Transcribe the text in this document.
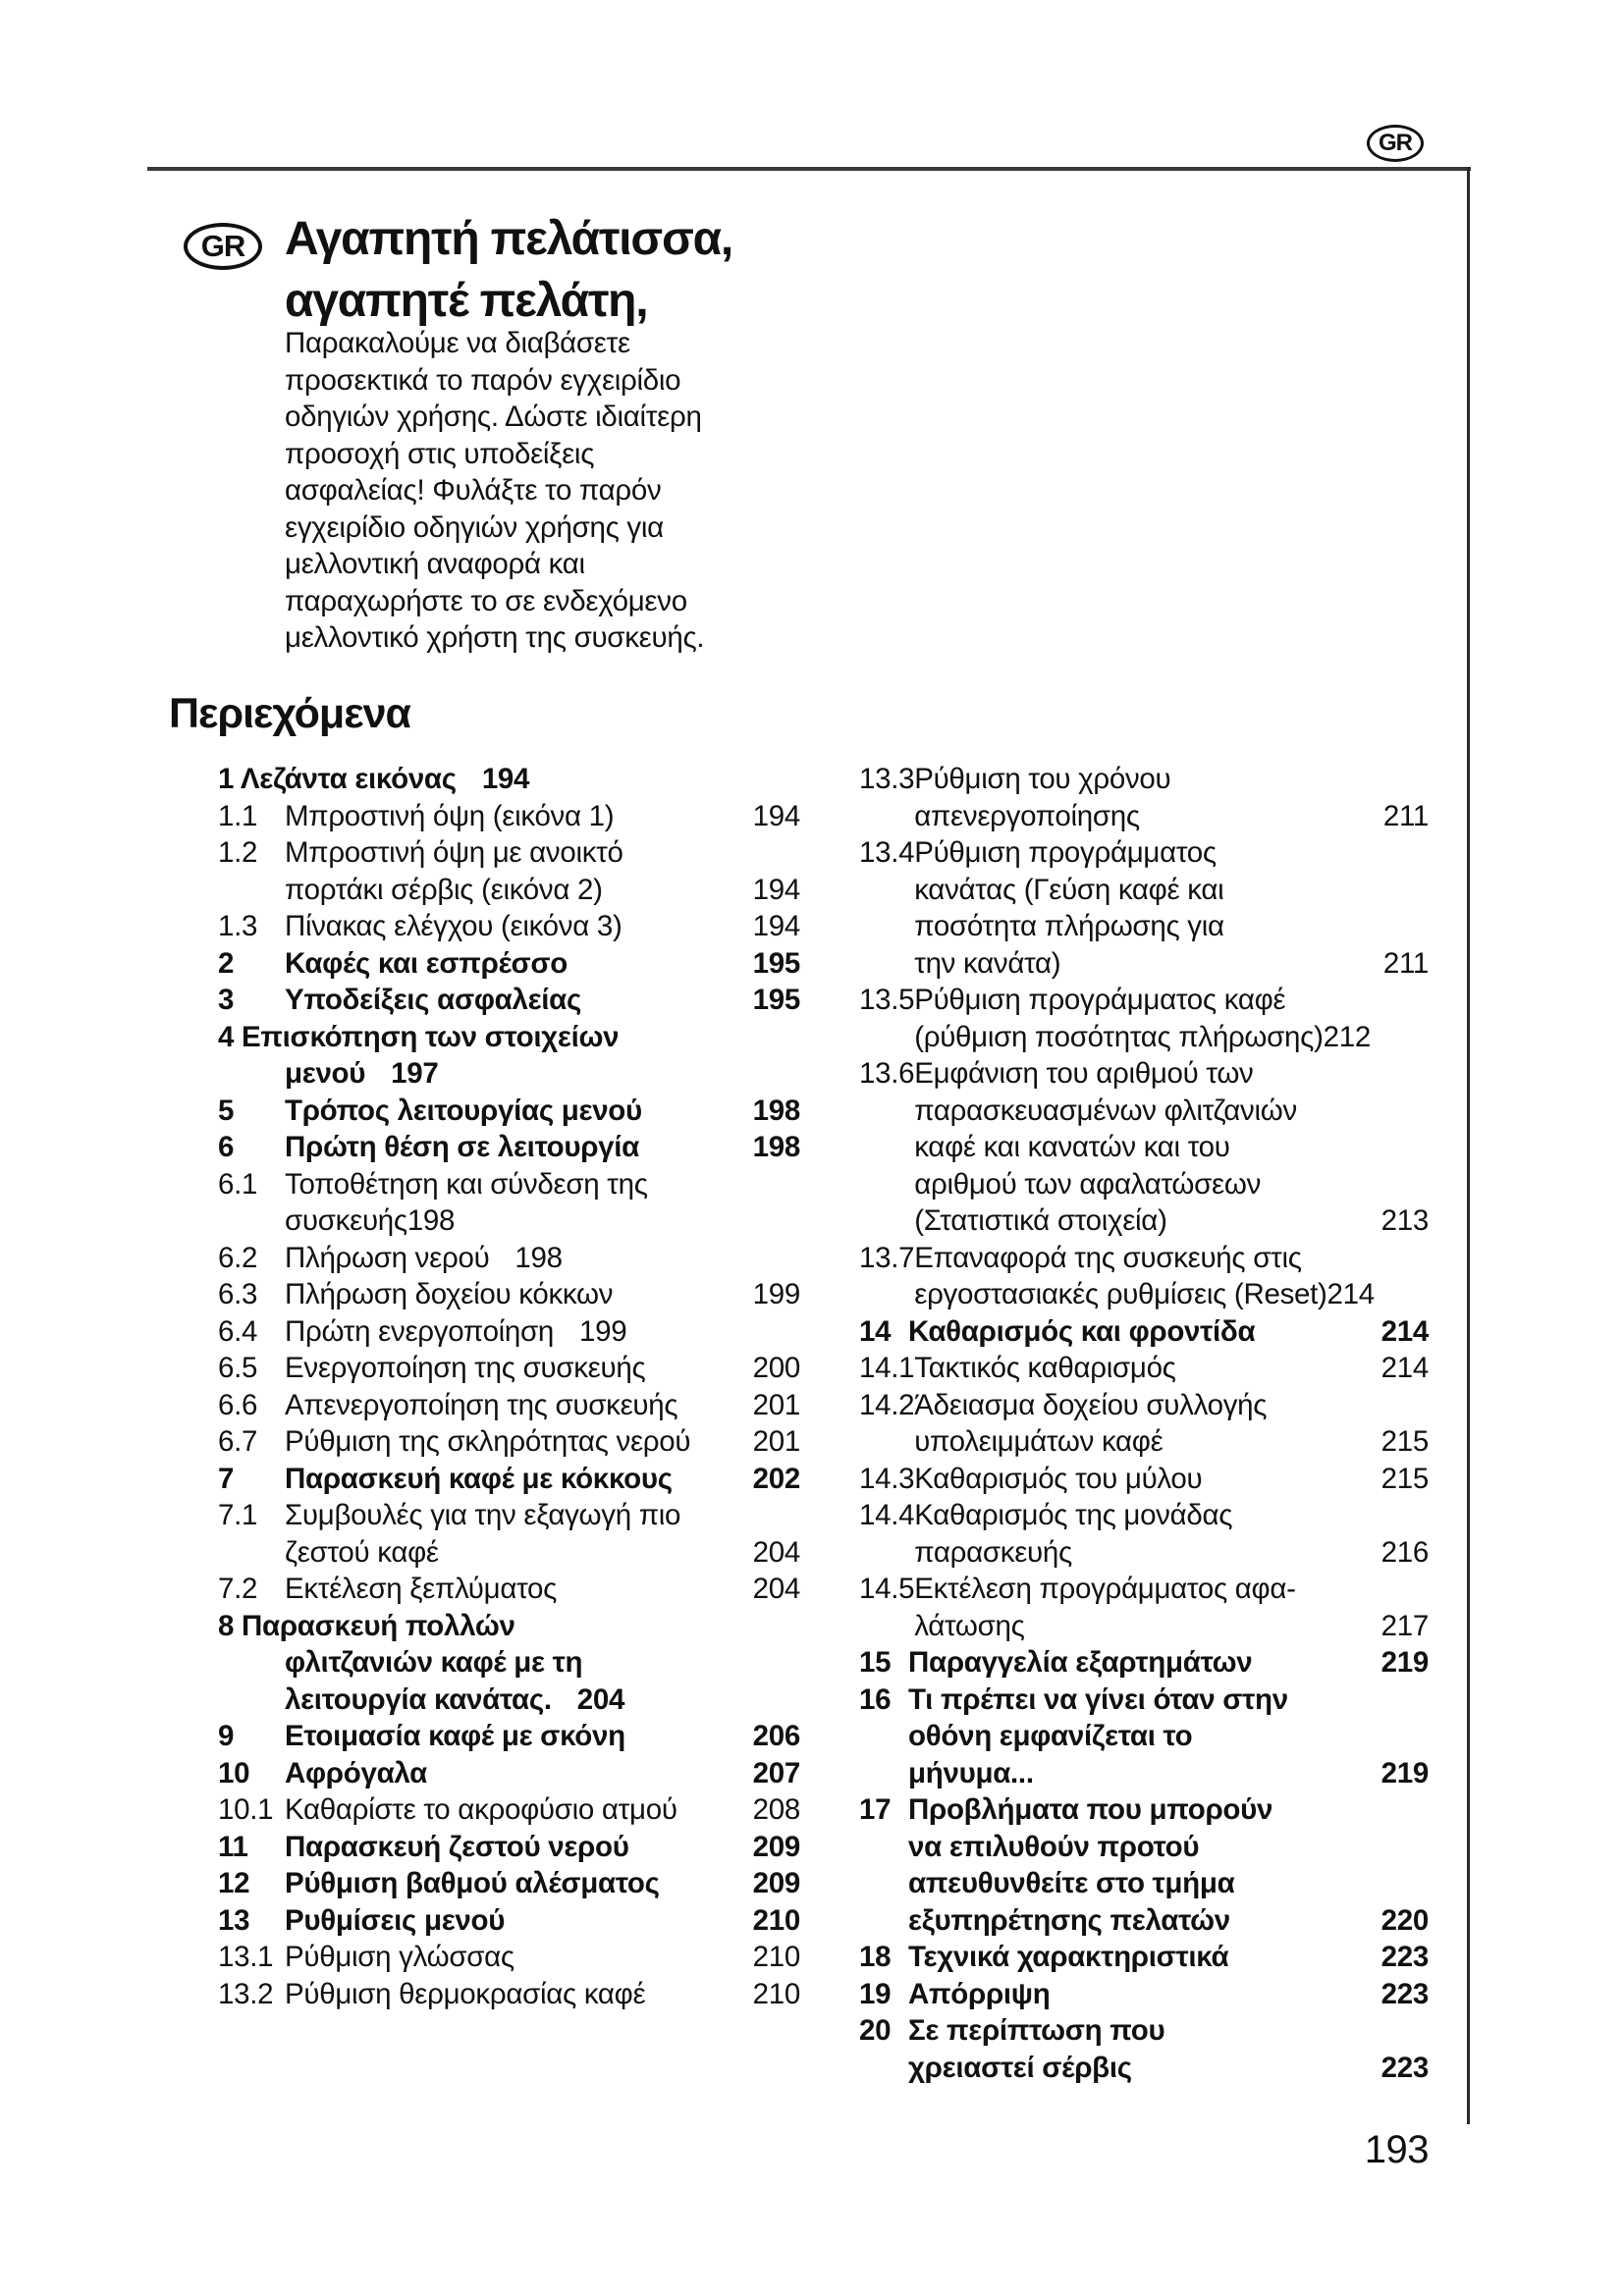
GR
GR Αγαπητή πελάτισσα,
αγαπητέ πελάτη,
Παρακαλούμε να διαβάσετε
προσεκτικά το παρόν εγχειρίδιο
οδηγιών χρήσης. Δώστε ιδιαίτερη
προσοχή στις υποδείξεις
ασφαλείας! Φυλάξτε το παρόν
εγχειρίδιο οδηγιών χρήσης για
μελλοντική αναφορά και
παραχωρήστε το σε ενδεχόμενο
μελλοντικό χρήστη της συσκευής.
Περιεχόμενα
1 Λεζάντα εικόνας 194
1.1 Μπροστινή όψη (εικόνα 1)	194
1.2 Μπροστινή όψη με ανοικτό
πορτάκι σέρβις (εικόνα 2)	194
1.3 Πίνακας ελέγχου (εικόνα 3)	194
2	Καφές και εσπρέσσο	195
3	Υποδείξεις ασφαλείας	195
4 Επισκόπηση των στοιχείων
μενού 197
5	Τρόπος λειτουργίας μενού	198
6	Πρώτη θέση σε λειτουργία	198
6.1 Τοποθέτηση και σύνδεση της
συσκευής 198
6.2 Πλήρωση νερού 198
6.3 Πλήρωση δοχείου κόκκων	199
6.4 Πρώτη ενεργοποίηση 199
6.5 Ενεργοποίηση της συσκευής	200
6.6 Απενεργοποίηση της συσκευής	201
6.7 Ρύθμιση της σκληρότητας νερού 201
7	Παρασκευή καφέ με κόκκους	202
7.1 Συμβουλές για την εξαγωγή πιο
ζεστού καφέ	204
7.2 Εκτέλεση ξεπλύματος	204
8 Παρασκευή πολλών
φλιτζανιών καφέ με τη
λειτουργία κανάτας. 204
9	Ετοιμασία καφέ με σκόνη	206
10	Αφρόγαλα	207
10.1 Καθαρίστε το ακροφύσιο ατμού	208
11	Παρασκευή ζεστού νερού	209
12	Ρύθμιση βαθμού αλέσματος	209
13	Ρυθμίσεις μενού	210
13.1 Ρύθμιση γλώσσας	210
13.2 Ρύθμιση θερμοκρασίας καφέ	210
13.3 Ρύθμιση του χρόνου
απενεργοποίησης	211
13.4 Ρύθμιση προγράμματος
κανάτας (Γεύση καφέ και
ποσότητα πλήρωσης για
την κανάτα)	211
13.5 Ρύθμιση προγράμματος καφέ
(ρύθμιση ποσότητας πλήρωσης) 212
13.6 Εμφάνιση του αριθμού των
παρασκευασμένων φλιτζανιών
καφέ και κανατών και του
αριθμού των αφαλατώσεων
(Στατιστικά στοιχεία)	213
13.7 Επαναφορά της συσκευής στις
εργοστασιακές ρυθμίσεις (Reset) 214
14 Καθαρισμός και φροντίδα	214
14.1 Τακτικός καθαρισμός	214
14.2 Άδειασμα δοχείου συλλογής
υπολειμμάτων καφέ	215
14.3 Καθαρισμός του μύλου	215
14.4 Καθαρισμός της μονάδας
παρασκευής	216
14.5 Εκτέλεση προγράμματος αφα-
λάτωσης	217
15 Παραγγελία εξαρτημάτων	219
16 Τι πρέπει να γίνει όταν στην
οθόνη εμφανίζεται το
μήνυμα...	219
17 Προβλήματα που μπορούν
να επιλυθούν προτού
απευθυνθείτε στο τμήμα
εξυπηρέτησης πελατών	220
18 Τεχνικά χαρακτηριστικά	223
19 Απόρριψη	223
20 Σε περίπτωση που
χρειαστεί σέρβις	223
193
